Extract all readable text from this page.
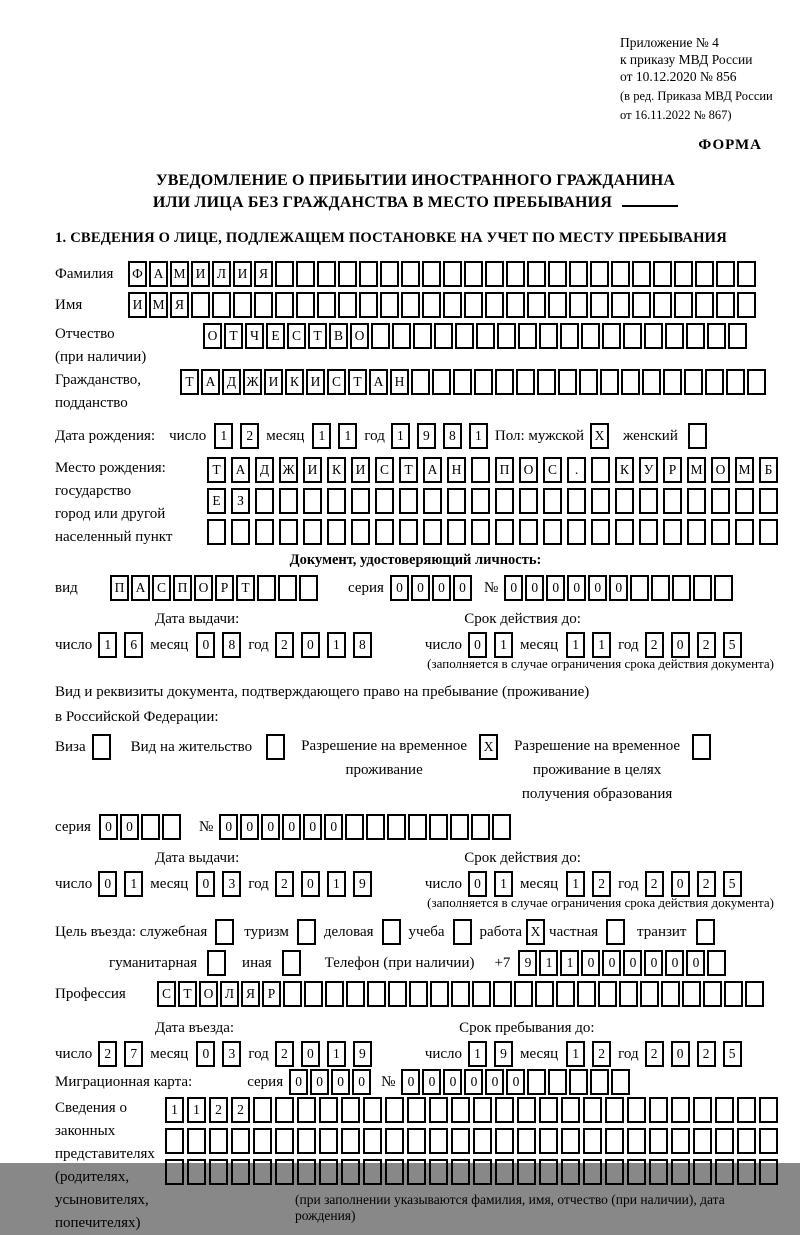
Приложение № 4
к приказу МВД России
от 10.12.2020 № 856
(в ред. Приказа МВД России
от 16.11.2022 № 867)
ФОРМА
УВЕДОМЛЕНИЕ О ПРИБЫТИИ ИНОСТРАННОГО ГРАЖДАНИНА
ИЛИ ЛИЦА БЕЗ ГРАЖДАНСТВА В МЕСТО ПРЕБЫВАНИЯ
1. СВЕДЕНИЯ О ЛИЦЕ, ПОДЛЕЖАЩЕМ ПОСТАНОВКЕ НА УЧЕТ ПО МЕСТУ ПРЕБЫВАНИЯ
Фамилия	Ф А М И Л И Я
Имя	И М Я
Отчество
(при наличии)
О Т Ч Е С Т В О
Гражданство,
подданство
Т А Д Ж И К И С Т А Н
Дата рождения: число	1	2 месяц	1	1 год 1	9	8	1 Пол: мужской X	женский
Место рождения:
государство
город или другой
населенный пункт
Т	А	Д Ж И	К	И	С	Т	А	Н	П	О	С	.	К	У	Р	М О М	Б
Е	З
Документ, удостоверяющий личность:
вид	П А С П О Р Т	серия 0	0	0	0	№ 0	0	0	0	0	0
Дата выдачи:	Срок действия до:
число 1	6 месяц	0	8 год 2	0	1	8	число 0	1 месяц	1	1 год 2	0	2	5
(заполняется в случае ограничения срока действия документа)
Вид и реквизиты документа, подтверждающего право на пребывание (проживание)
в Российской Федерации:
Виза	Вид на жительство	Разрешение на временное
проживание
X	Разрешение на временное
проживание в целях
получения образования
серия	0	0	№ 0	0	0	0	0	0
Дата выдачи:	Срок действия до:
число 0	1 месяц	0	3 год 2	0	1	9	число 0	1 месяц	1	2 год 2	0	2	5
(заполняется в случае ограничения срока действия документа)
Цель въезда: служебная туризм деловая учеба работа X частная	транзит
гуманитарная	иная	Телефон (при наличии) +7	9	1	1	0	0	0	0	0	0
Профессия	С Т О Л Я Р
Дата въезда:	Срок пребывания до:
число 2	7 месяц	0	3 год 2	0	1	9	число 1	9 месяц	1	2 год 2	0	2	5
Миграционная карта:	серия 0	0	0	0	№ 0	0	0	0	0	0
Сведения о
законных
представителях
(родителях,
усыновителях,
попечителях)
1	1	2	2
(при заполнении указываются фамилия, имя, отчество (при наличии), дата рождения)
